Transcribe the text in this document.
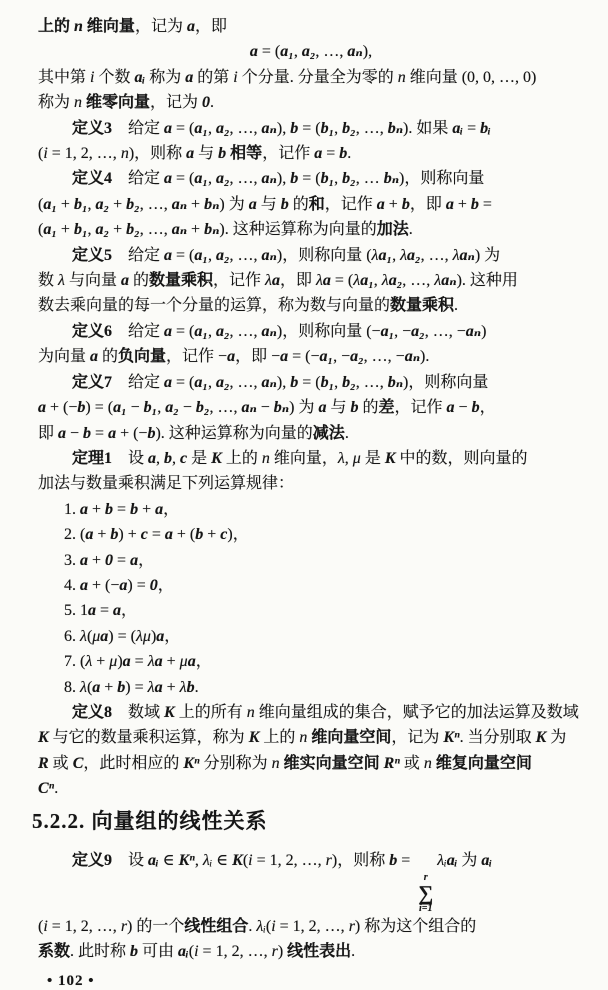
上的 n 维向量，记为 a，即
a = (a₁, a₂, …, aₙ),
其中第 i 个数 aᵢ 称为 a 的第 i 个分量. 分量全为零的 n 维向量 (0, 0, …, 0)
称为 n 维零向量，记为 0.
定义3　给定 a = (a₁, a₂, …, aₙ), b = (b₁, b₂, …, bₙ). 如果 aᵢ = bᵢ
(i = 1, 2, …, n)，则称 a 与 b 相等，记作 a = b.
定义4　给定 a = (a₁, a₂, …, aₙ), b = (b₁, b₂, … bₙ)，则称向量
(a₁ + b₁, a₂ + b₂, …, aₙ + bₙ) 为 a 与 b 的和，记作 a + b，即 a + b =
(a₁ + b₁, a₂ + b₂, …, aₙ + bₙ). 这种运算称为向量的加法.
定义5　给定 a = (a₁, a₂, …, aₙ)，则称向量 (λa₁, λa₂, …, λaₙ) 为
数 λ 与向量 a 的数量乘积，记作 λa，即 λa = (λa₁, λa₂, …, λaₙ). 这种用
数去乘向量的每一个分量的运算，称为数与向量的数量乘积.
定义6　给定 a = (a₁, a₂, …, aₙ)，则称向量 (−a₁, −a₂, …, −aₙ)
为向量 a 的负向量，记作 −a，即 −a = (−a₁, −a₂, …, −aₙ).
定义7　给定 a = (a₁, a₂, …, aₙ), b = (b₁, b₂, …, bₙ)，则称向量
a + (−b) = (a₁ − b₁, a₂ − b₂, …, aₙ − bₙ) 为 a 与 b 的差，记作 a − b，
即 a − b = a + (−b). 这种运算称为向量的减法.
定理1　设 a, b, c 是 K 上的 n 维向量，λ, μ 是 K 中的数，则向量的
加法与数量乘积满足下列运算规律：
1. a + b = b + a，
2. (a + b) + c = a + (b + c)，
3. a + 0 = a，
4. a + (−a) = 0，
5. 1a = a，
6. λ(μa) = (λμ)a，
7. (λ + μ)a = λa + μa，
8. λ(a + b) = λa + λb.
定义8　数域 K 上的所有 n 维向量组成的集合，赋予它的加法运算及数域
K 与它的数量乘积运算，称为 K 上的 n 维向量空间，记为 Kⁿ. 当分别取 K 为
R 或 C，此时相应的 Kⁿ 分别称为 n 维实向量空间 Rⁿ 或 n 维复向量空间
Cⁿ.
5.2.2. 向量组的线性关系
定义9　设 aᵢ ∈ Kⁿ, λᵢ ∈ K(i = 1, 2, …, r)，则称 b =
r
∑
i=1
λᵢaᵢ 为 aᵢ
(i = 1, 2, …, r) 的一个线性组合. λᵢ(i = 1, 2, …, r) 称为这个组合的
系数. 此时称 b 可由 aᵢ(i = 1, 2, …, r) 线性表出.
• 102 •
